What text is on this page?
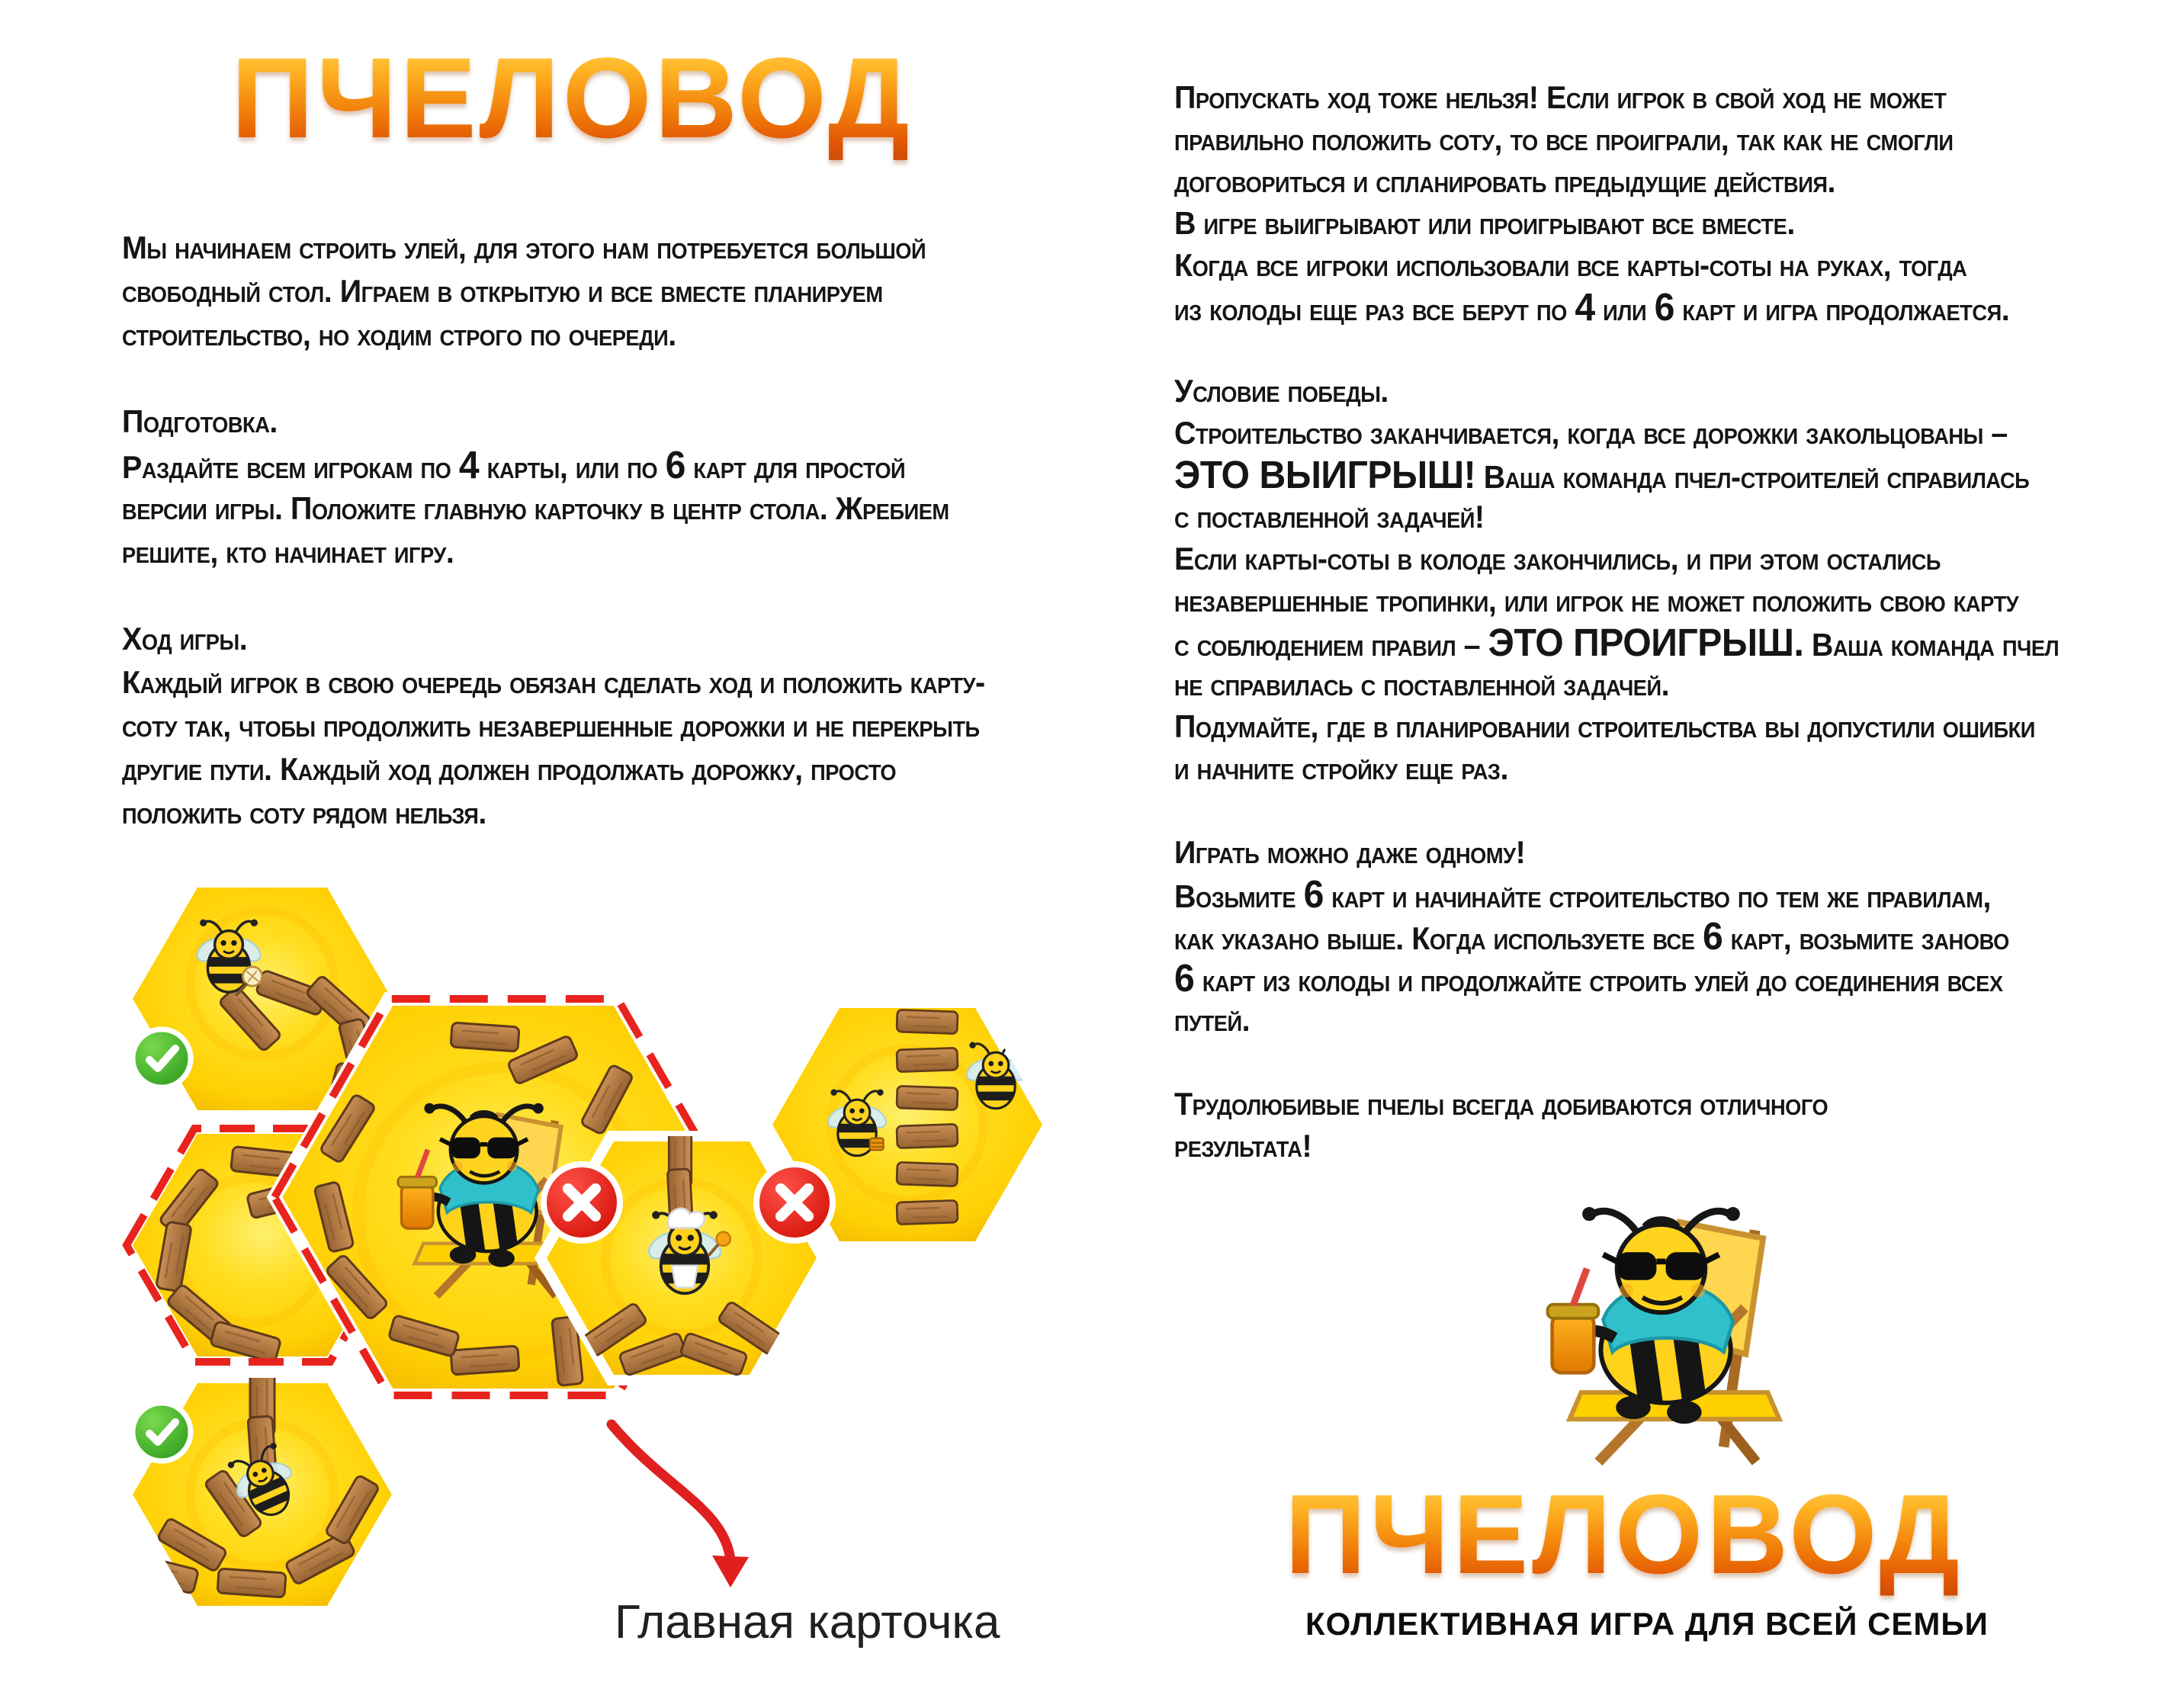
ПЧЕЛОВОД
Мы начинаем строить улей, для этого нам потребуется большой
свободный стол. Играем в открытую и все вместе планируем
строительство, но ходим строго по очереди.

Подготовка.
Раздайте всем игрокам по 4 карты, или по 6 карт для простой
версии игры. Положите главную карточку в центр стола. Жребием
решите, кто начинает игру.

Ход игры.
Каждый игрок в свою очередь обязан сделать ход и положить карту-
соту так, чтобы продолжить незавершенные дорожки и не перекрыть
другие пути. Каждый ход должен продолжать дорожку, просто
положить соту рядом нельзя.
Пропускать ход тоже нельзя! Если игрок в свой ход не может
правильно положить соту, то все проиграли, так как не смогли
договориться и спланировать предыдущие действия.
В игре выигрывают или проигрывают все вместе.
Когда все игроки использовали все карты-соты на руках, тогда
из колоды еще раз все берут по 4 или 6 карт и игра продолжается.

Условие победы.
Строительство заканчивается, когда все дорожки закольцованы –
ЭТО ВЫИГРЫШ! Ваша команда пчел-строителей справилась
с поставленной задачей!
Если карты-соты в колоде закончились, и при этом остались
незавершенные тропинки, или игрок не может положить свою карту
с соблюдением правил – ЭТО ПРОИГРЫШ. Ваша команда пчел
не справилась с поставленной задачей.
Подумайте, где в планировании строительства вы допустили ошибки
и начните стройку еще раз.

Играть можно даже одному!
Возьмите 6 карт и начинайте строительство по тем же правилам,
как указано выше. Когда используете все 6 карт, возьмите заново
6 карт из колоды и продолжайте строить улей до соединения всех
путей.

Трудолюбивые пчелы всегда добиваются отличного
результата!
Главная карточка
ПЧЕЛОВОД
КОЛЛЕКТИВНАЯ ИГРА ДЛЯ ВСЕЙ СЕМЬИ
